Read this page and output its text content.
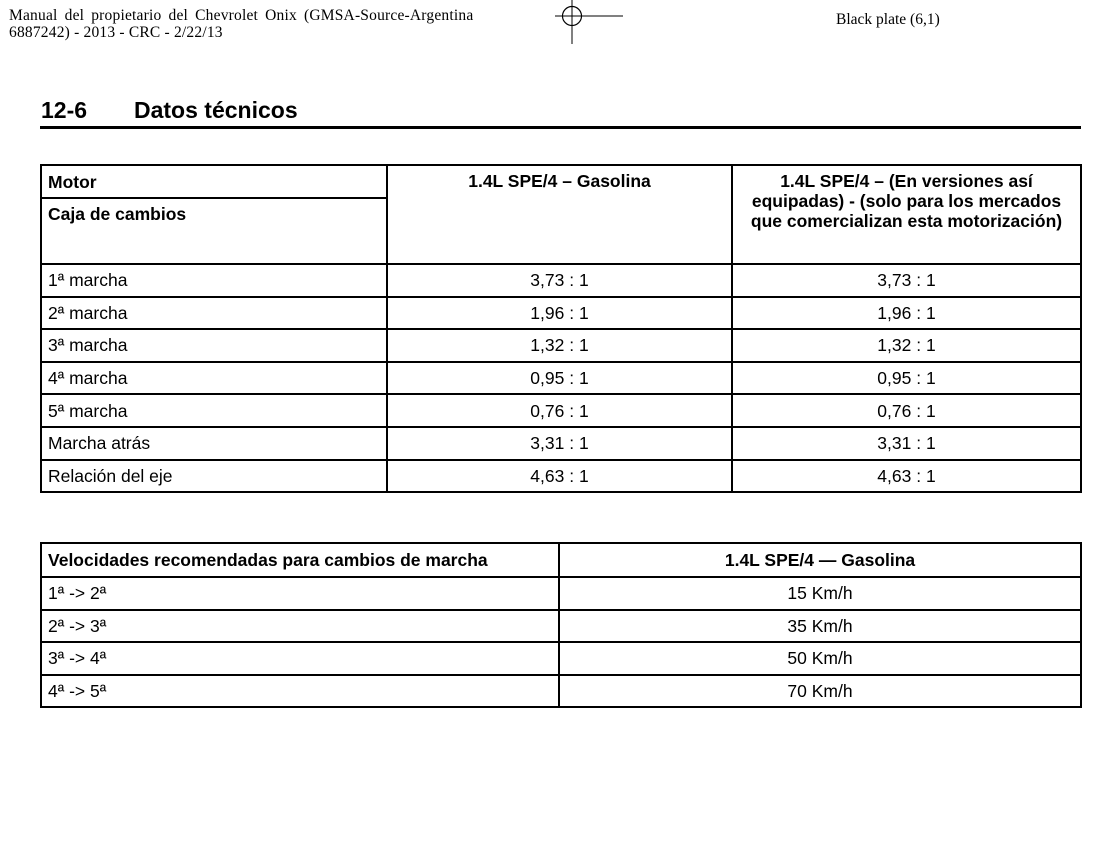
Manual del propietario del Chevrolet Onix (GMSA-Source-Argentina
6887242) - 2013 - CRC - 2/22/13
Black plate (6,1)
12-6 Datos técnicos
Motor	1.4L SPE/4 – Gasolina	1.4L SPE/4 – (En versiones así equipadas) - (solo para los mercados que comercializan esta motorización)
Caja de cambios		
1ª marcha	3,73 : 1	3,73 : 1
2ª marcha	1,96 : 1	1,96 : 1
3ª marcha	1,32 : 1	1,32 : 1
4ª marcha	0,95 : 1	0,95 : 1
5ª marcha	0,76 : 1	0,76 : 1
Marcha atrás	3,31 : 1	3,31 : 1
Relación del eje	4,63 : 1	4,63 : 1
Velocidades recomendadas para cambios de marcha	1.4L SPE/4 — Gasolina
1ª -> 2ª	15 Km/h
2ª -> 3ª	35 Km/h
3ª -> 4ª	50 Km/h
4ª -> 5ª	70 Km/h
